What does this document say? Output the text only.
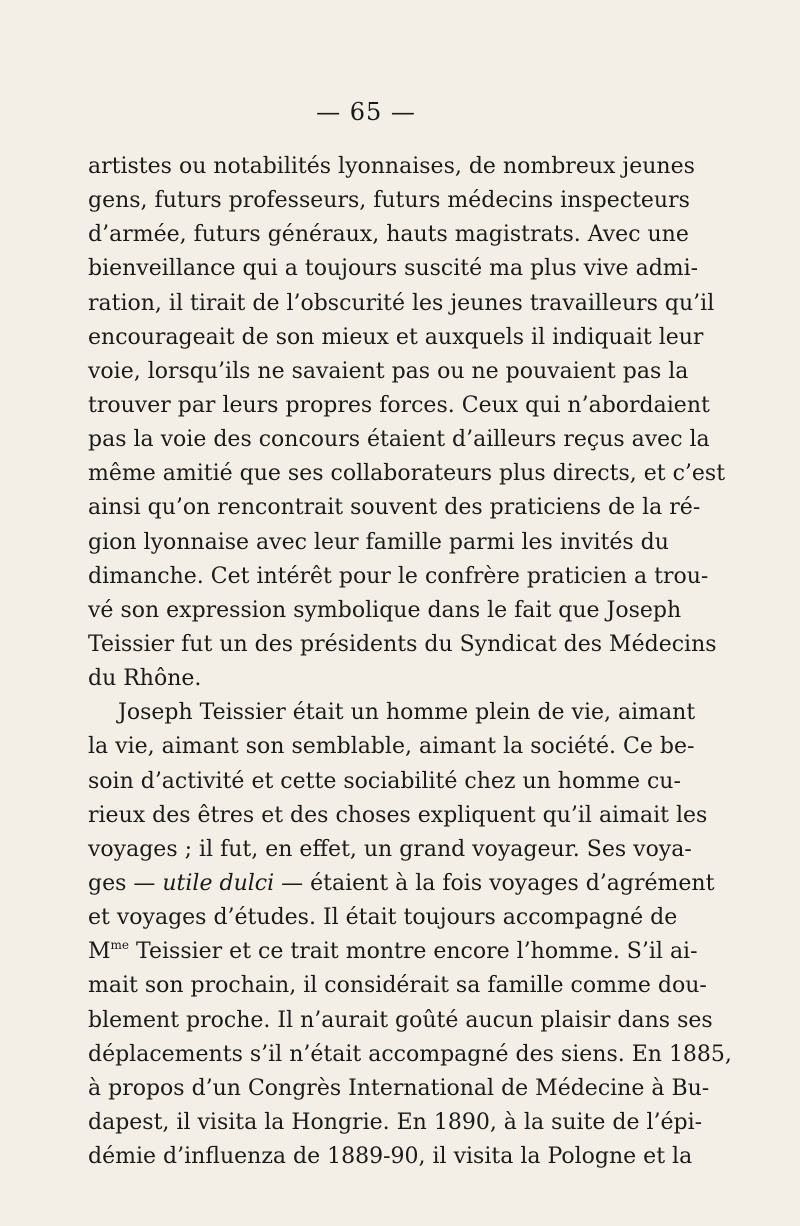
— 65 —
artistes ou notabilités lyonnaises, de nombreux jeunes
gens, futurs professeurs, futurs médecins inspecteurs
d’armée, futurs généraux, hauts magistrats. Avec une
bienveillance qui a toujours suscité ma plus vive admi-
ration, il tirait de l’obscurité les jeunes travailleurs qu’il
encourageait de son mieux et auxquels il indiquait leur
voie, lorsqu’ils ne savaient pas ou ne pouvaient pas la
trouver par leurs propres forces. Ceux qui n’abordaient
pas la voie des concours étaient d’ailleurs reçus avec la
même amitié que ses collaborateurs plus directs, et c’est
ainsi qu’on rencontrait souvent des praticiens de la ré-
gion lyonnaise avec leur famille parmi les invités du
dimanche. Cet intérêt pour le confrère praticien a trou-
vé son expression symbolique dans le fait que Joseph
Teissier fut un des présidents du Syndicat des Médecins
du Rhône.
Joseph Teissier était un homme plein de vie, aimant
la vie, aimant son semblable, aimant la société. Ce be-
soin d’activité et cette sociabilité chez un homme cu-
rieux des êtres et des choses expliquent qu’il aimait les
voyages ; il fut, en effet, un grand voyageur. Ses voya-
ges — utile dulci — étaient à la fois voyages d’agrément
et voyages d’études. Il était toujours accompagné de
$M^{me}$ Teissier et ce trait montre encore l’homme. S’il ai-
mait son prochain, il considérait sa famille comme dou-
blement proche. Il n’aurait goûté aucun plaisir dans ses
déplacements s’il n’était accompagné des siens. En 1885,
à propos d’un Congrès International de Médecine à Bu-
dapest, il visita la Hongrie. En 1890, à la suite de l’épi-
démie d’influenza de 1889-90, il visita la Pologne et la
